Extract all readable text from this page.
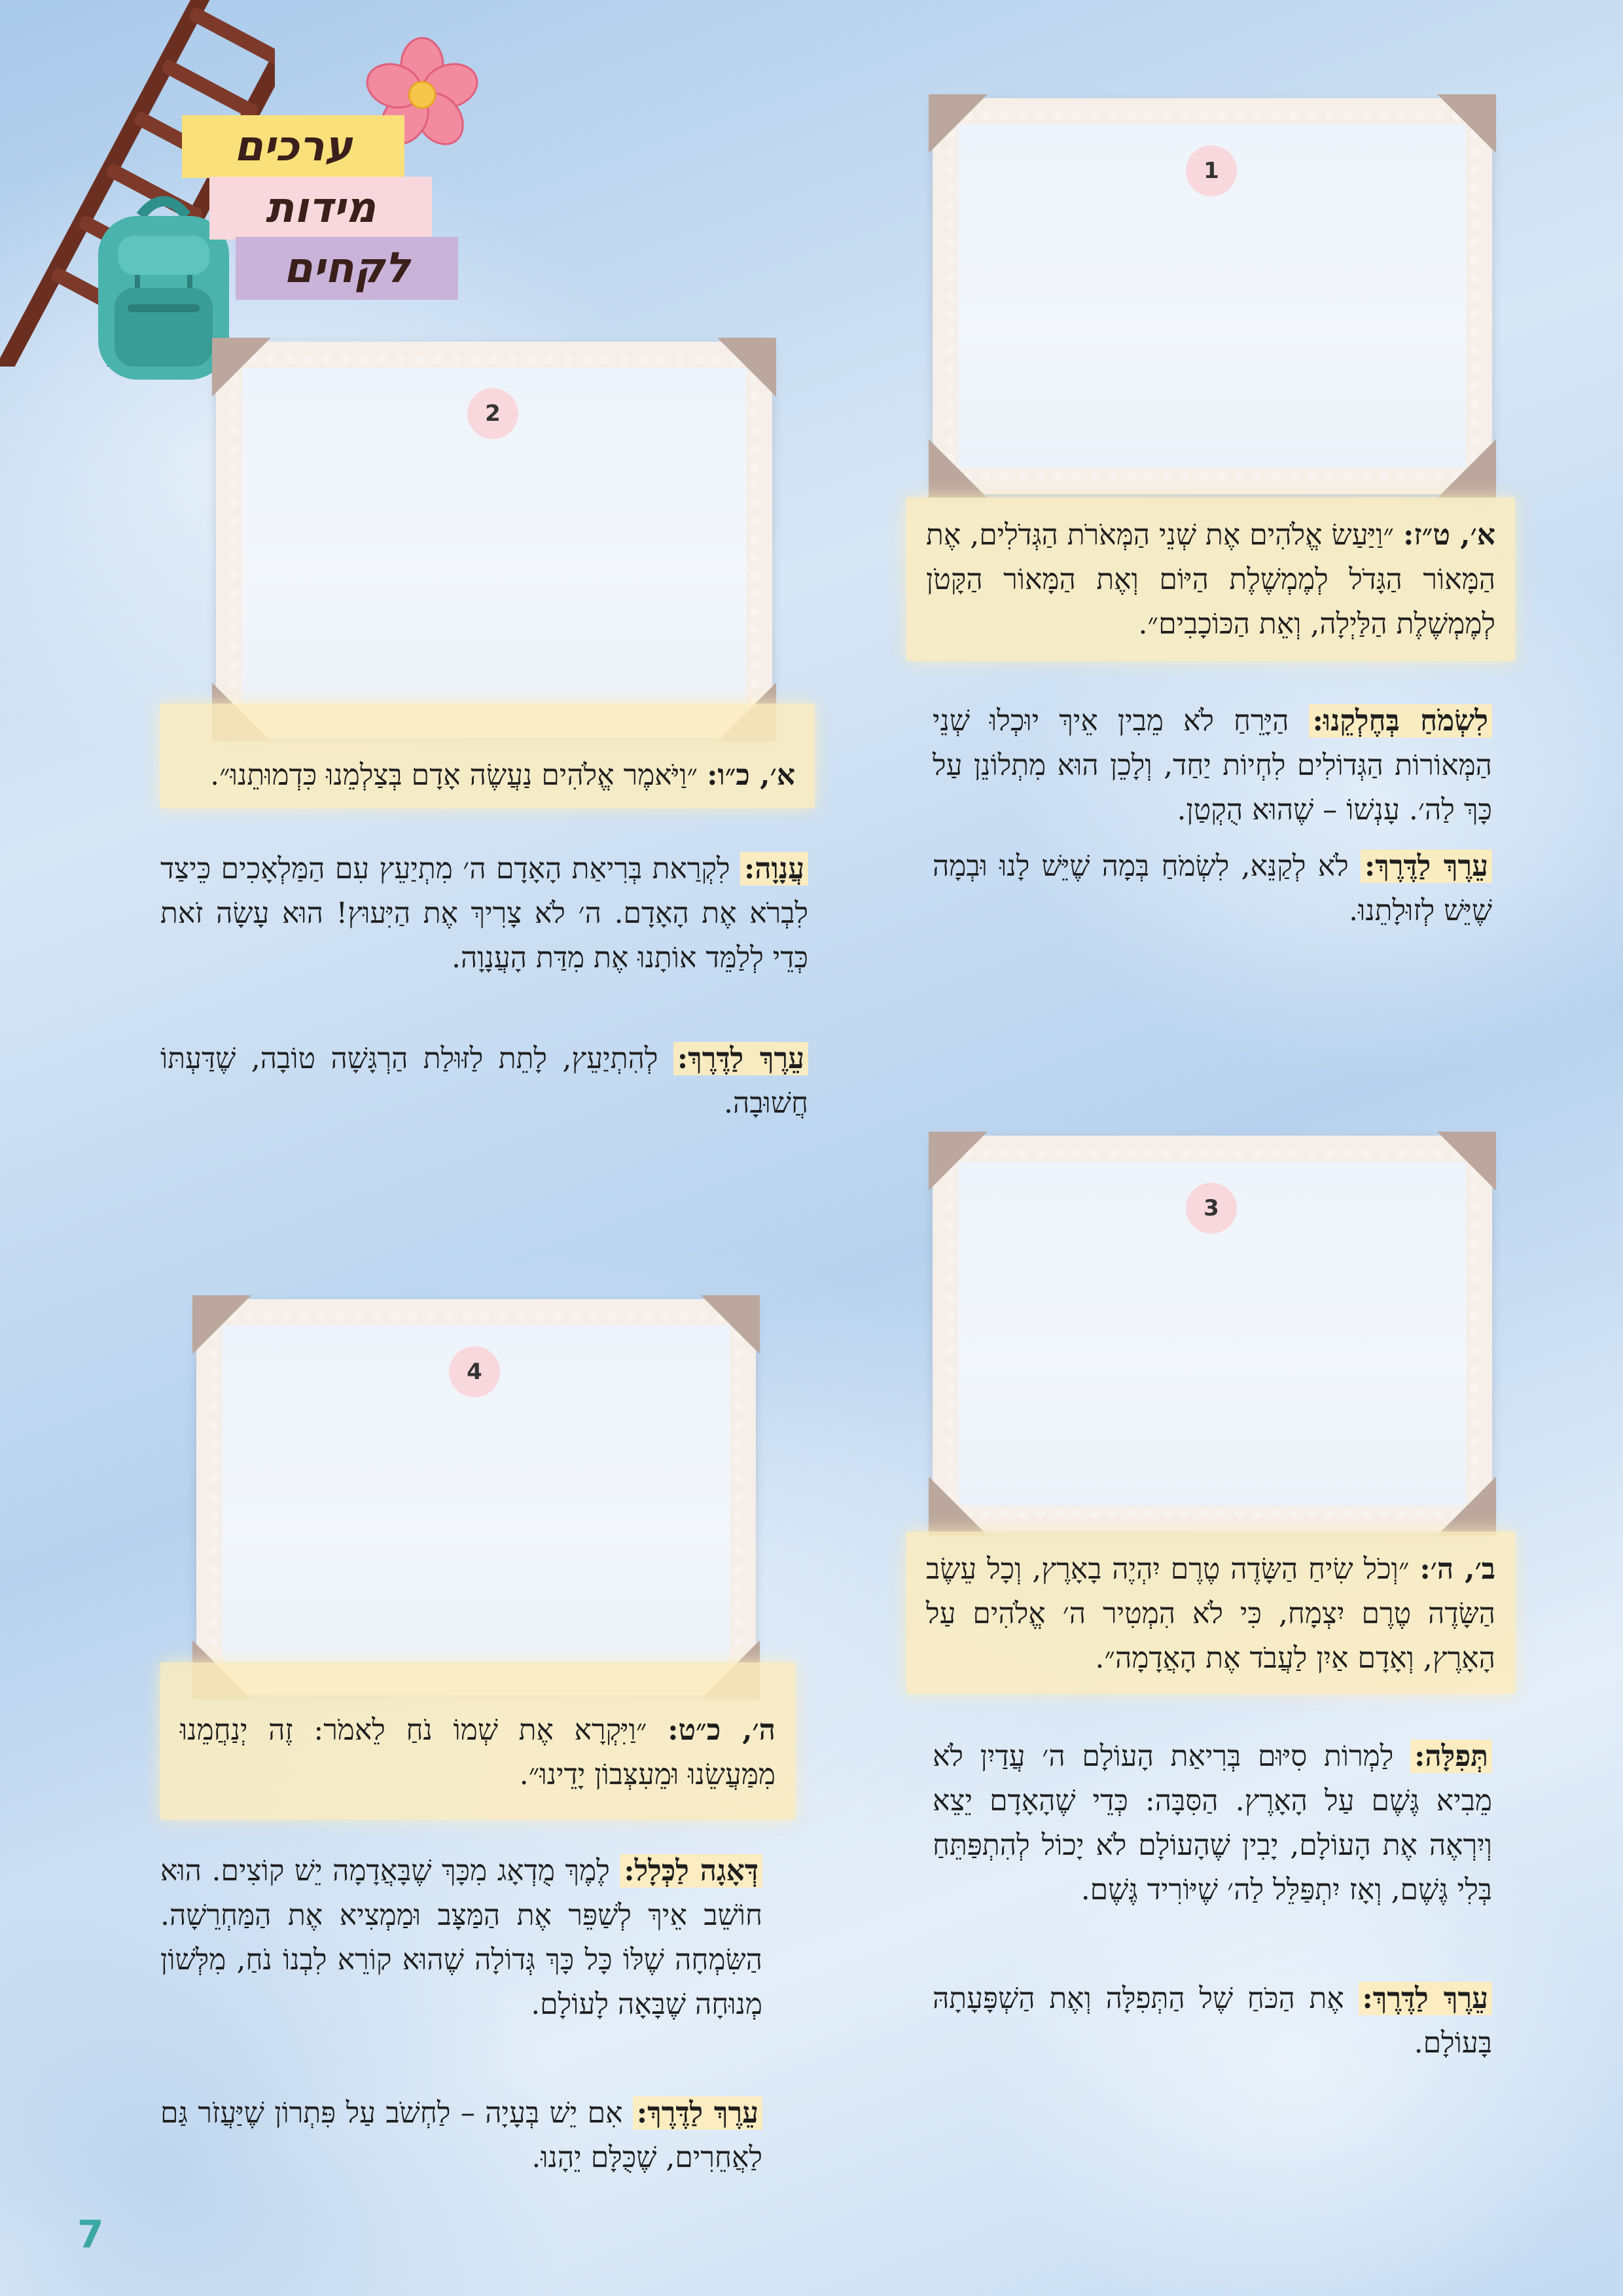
ערכים
מידות
לקחים
1
א׳, ט״ז: ״וַיַּעַשׂ אֱלֹהִים אֶת שְׁנֵי הַמְּאֹרֹת הַגְּדֹלִים, אֶת הַמָּאוֹר הַגָּדֹל לְמֶמְשֶׁלֶת הַיּוֹם וְאֶת הַמָּאוֹר הַקָּטֹן לְמֶמְשֶׁלֶת הַלַּיְלָה, וְאֵת הַכּוֹכָבִים״.
לִשְׂמֹחַ בְּחֶלְקֵנוּ: הַיָּרֵחַ לֹא מֵבִין אֵיךְ יוּכְלוּ שְׁנֵי הַמְּאוֹרוֹת הַגְּדוֹלִים לִחְיוֹת יַחַד, וְלָכֵן הוּא מִתְלוֹנֵן עַל כָּךְ לַה׳. עָנְשׁוֹ – שֶׁהוּא הֻקְטַן.
עֵרֶךְ לַדֶּרֶךְ: לֹא לְקַנֵּא, לִשְׂמֹחַ בְּמָה שֶׁיֵּשׁ לָנוּ וּבְמָה שֶׁיֵּשׁ לְזוּלָתֵנוּ.
2
א׳, כ״ו: ״וַיֹּאמֶר אֱלֹהִים נַעֲשֶׂה אָדָם בְּצַלְמֵנוּ כִּדְמוּתֵנוּ״.
עֲנָוָה: לִקְרַאת בְּרִיאַת הָאָדָם ה׳ מִתְיַעֵץ עִם הַמַּלְאָכִים כֵּיצַד לִבְרֹא אֶת הָאָדָם. ה׳ לֹא צָרִיךְ אֶת הַיִּעוּץ! הוּא עָשָׂה זֹאת כְּדֵי לְלַמֵּד אוֹתָנוּ אֶת מִדַּת הָעֲנָוָה.
עֵרֶךְ לַדֶּרֶךְ: לְהִתְיַעֵץ, לָתֵת לַזּוּלַת הַרְגָּשָׁה טוֹבָה, שֶׁדַּעְתּוֹ חֲשׁוּבָה.
3
ב׳, ה׳: ״וְכֹל שִׂיחַ הַשָּׂדֶה טֶרֶם יִהְיֶה בָאָרֶץ, וְכָל עֵשֶׂב הַשָּׂדֶה טֶרֶם יִצְמָח, כִּי לֹא הִמְטִיר ה׳ אֱלֹהִים עַל הָאָרֶץ, וְאָדָם אַיִן לַעֲבֹד אֶת הָאֲדָמָה״.
תְּפִלָּה: לַמְרוֹת סִיּוּם בְּרִיאַת הָעוֹלָם ה׳ עֲדַיִן לֹא מֵבִיא גֶּשֶׁם עַל הָאָרֶץ. הַסִּבָּה: כְּדֵי שֶׁהָאָדָם יֵצֵא וְיִרְאֶה אֶת הָעוֹלָם, יָבִין שֶׁהָעוֹלָם לֹא יָכוֹל לְהִתְפַּתֵּחַ בְּלִי גֶּשֶׁם, וְאָז יִתְפַּלֵּל לַה׳ שֶׁיּוֹרִיד גֶּשֶׁם.
עֵרֶךְ לַדֶּרֶךְ: אֶת הַכֹּחַ שֶׁל הַתְּפִלָּה וְאֶת הַשְׁפָּעָתָהּ בָּעוֹלָם.
4
ה׳, כ״ט: ״וַיִּקְרָא אֶת שְׁמוֹ נֹחַ לֵאמֹר: זֶה יְנַחֲמֵנוּ מִמַּעֲשֵׂנוּ וּמֵעִצְּבוֹן יָדֵינוּ״.
דְּאָגָה לַכְּלָל: לֶמֶךְ מֻדְאָג מִכָּךְ שֶׁבָּאֲדָמָה יֵשׁ קוֹצִים. הוּא חוֹשֵׁב אֵיךְ לְשַׁפֵּר אֶת הַמַּצָּב וּמַמְצִיא אֶת הַמַּחְרֵשָׁה. הַשִּׂמְחָה שֶׁלּוֹ כָּל כָּךְ גְּדוֹלָה שֶׁהוּא קוֹרֵא לִבְנוֹ נֹחַ, מִלְּשׁוֹן מְנוּחָה שֶׁבָּאָה לָעוֹלָם.
עֵרֶךְ לַדֶּרֶךְ: אִם יֵשׁ בְּעָיָה – לַחְשֹׁב עַל פִּתְרוֹן שֶׁיַּעֲזֹר גַּם לַאֲחֵרִים, שֶׁכֻּלָּם יֵהָנוּ.
7
